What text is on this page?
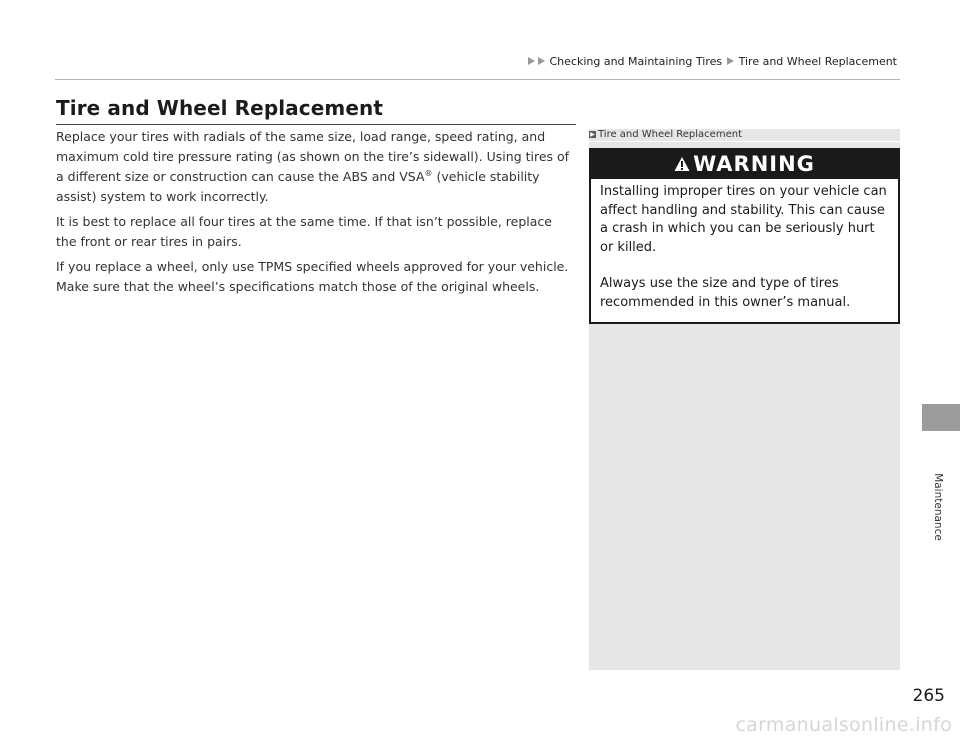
Checking and Maintaining Tires Tire and Wheel Replacement
Tire and Wheel Replacement

Replace your tires with radials of the same size, load range, speed rating, and maximum cold tire pressure rating (as shown on the tire’s sidewall). Using tires of a different size or construction can cause the ABS and VSA® (vehicle stability assist) system to work incorrectly.

It is best to replace all four tires at the same time. If that isn’t possible, replace the front or rear tires in pairs.

If you replace a wheel, only use TPMS specified wheels approved for your vehicle.

Make sure that the wheel’s specifications match those of the original wheels.

▶ Tire and Wheel Replacement
WARNING

Installing improper tires on your vehicle can affect handling and stability. This can cause a crash in which you can be seriously hurt or killed.

Always use the size and type of tires recommended in this owner’s manual.

Maintenance
265
carmanualsonline.info
